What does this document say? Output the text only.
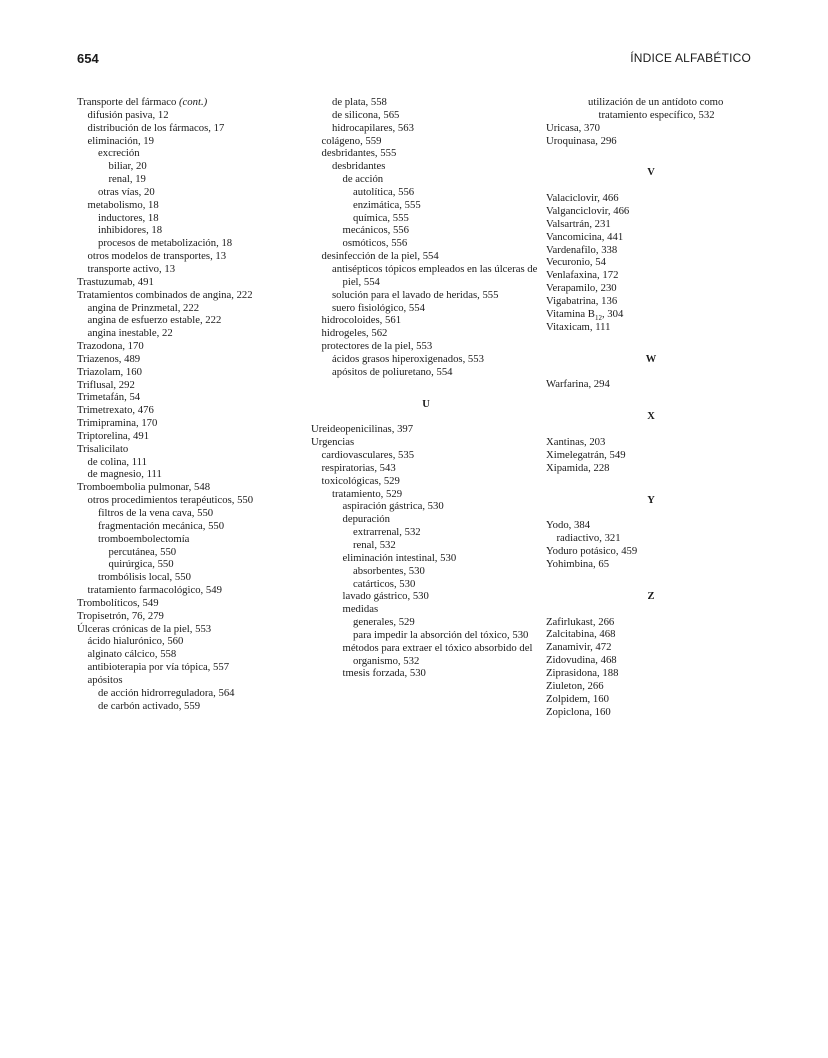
654	ÍNDICE ALFABÉTICO
Transporte del fármaco (cont.)
difusión pasiva, 12
distribución de los fármacos, 17
eliminación, 19
excreción
biliar, 20
renal, 19
otras vías, 20
metabolismo, 18
inductores, 18
inhibidores, 18
procesos de metabolización, 18
otros modelos de transportes, 13
transporte activo, 13
Trastuzumab, 491
Tratamientos combinados de angina, 222
angina de Prinzmetal, 222
angina de esfuerzo estable, 222
angina inestable, 22
Trazodona, 170
Triazenos, 489
Triazolam, 160
Triflusal, 292
Trimetafán, 54
Trimetrexato, 476
Trimipramina, 170
Triptorelina, 491
Trisalicilato
de colina, 111
de magnesio, 111
Tromboembolia pulmonar, 548
otros procedimientos terapéuticos, 550
filtros de la vena cava, 550
fragmentación mecánica, 550
tromboembolectomía
percutánea, 550
quirúrgica, 550
trombólisis local, 550
tratamiento farmacológico, 549
Trombolíticos, 549
Tropisetrón, 76, 279
Úlceras crónicas de la piel, 553
ácido hialurónico, 560
alginato cálcico, 558
antibioterapia por vía tópica, 557
apósitos
de acción hidrorreguladora, 564
de carbón activado, 559
de plata, 558
de silicona, 565
hidrocapilares, 563
colágeno, 559
desbridantes, 555
desbridantes
de acción
autolítica, 556
enzimática, 555
química, 555
mecánicos, 556
osmóticos, 556
desinfección de la piel, 554
antisépticos tópicos empleados en las úlceras de piel, 554
solución para el lavado de heridas, 555
suero fisiológico, 554
hidrocoloides, 561
hidrogeles, 562
protectores de la piel, 553
ácidos grasos hiperoxigenados, 553
apósitos de poliuretano, 554
U
Ureideopenicilinas, 397
Urgencias
cardiovasculares, 535
respiratorias, 543
toxicológicas, 529
tratamiento, 529
aspiración gástrica, 530
depuración
extrarrenal, 532
renal, 532
eliminación intestinal, 530
absorbentes, 530
catárticos, 530
lavado gástrico, 530
medidas
generales, 529
para impedir la absorción del tóxico, 530
métodos para extraer el tóxico absorbido del organismo, 532
tmesis forzada, 530
utilización de un antídoto como tratamiento específico, 532
Uricasa, 370
Uroquinasa, 296
V
Valaciclovir, 466
Valganciclovir, 466
Valsartrán, 231
Vancomicina, 441
Vardenafilo, 338
Vecuronio, 54
Venlafaxina, 172
Verapamilo, 230
Vigabatrina, 136
Vitamina $B_{12}$, 304
Vitaxicam, 111
W
Warfarina, 294
X
Xantinas, 203
Ximelegatrán, 549
Xipamida, 228
Y
Yodo, 384
radiactivo, 321
Yoduro potásico, 459
Yohimbina, 65
Z
Zafirlukast, 266
Zalcitabina, 468
Zanamivir, 472
Zidovudina, 468
Ziprasidona, 188
Ziuleton, 266
Zolpidem, 160
Zopiclona, 160
